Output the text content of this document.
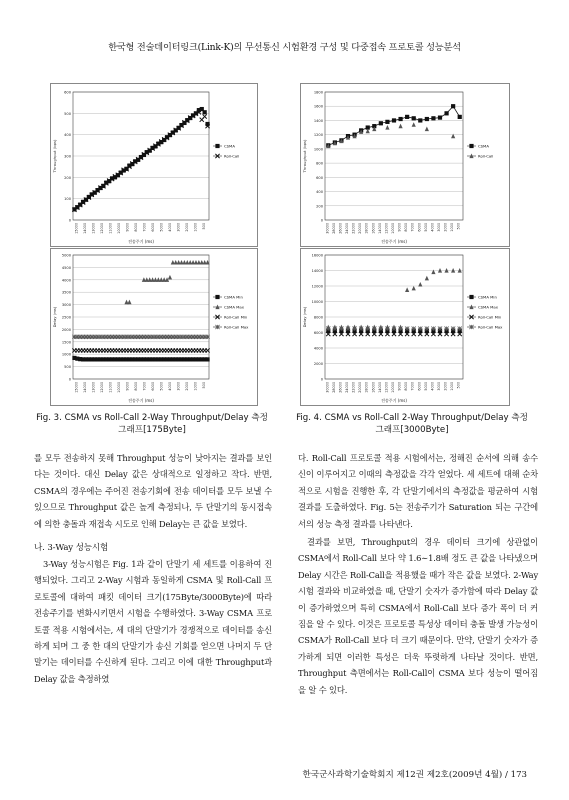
한국형 전술데이터링크(Link-K)의 무선통신 시험환경 구성 및 다중접속 프로토콜 성능분석
0
100
200
300
400
500
600
15000 14000 13000 12000 11000 10000 9000 8000 7000 6000 5000 4000 3000 2000 1000 500
Throughput (bps)
전송주기 (ms)
CSMA
Roll-Call
0
500
1000
1500
2000
2500
3000
3500
4000
4500
5000
15000 14000 13000 12000 11000 10000 9000 8000 7000 6000 5000 4000 3000 2000 1000 500
Delay (ms)
전송주기 (ms)
CSMA Min
CSMA Max
Roll-Call Min
Roll-Call Max
Fig. 3. CSMA vs Roll-Call 2-Way Throughput/Delay 측정 그래프[175Byte]
0
200
400
600
800
1000
1200
1400
1600
1800
30000 28000 26000 24000 22000 20000 18000 16000 14000 12000 10000 9000 8000 7000 6000 5000 4000 3000 2000 1000 500
Throughput (bps)
전송주기 (ms)
CSMA
Roll-Call
0
2000
4000
6000
8000
10000
12000
14000
16000
30000 28000 26000 24000 22000 20000 18000 16000 14000 12000 10000 9000 8000 7000 6000 5000 4000 3000 2000 1000 500
Delay (ms)
전송주기 (ms)
CSMA Min
CSMA Max
Roll-Call Min
Roll-Call Max
Fig. 4. CSMA vs Roll-Call 2-Way Throughput/Delay 측정 그래프[3000Byte]

를 모두 전송하지 못해 Throughput 성능이 낮아지는 결과를 보인다는 것이다. 대신 Delay 값은 상대적으로 일정하고 작다. 반면, CSMA의 경우에는 주어진 전송기회에 전송 데이터를 모두 보낼 수 있으므로 Throughput 값은 높게 측정되나, 두 단말기의 동시접속에 의한 충돌과 재접속 시도로 인해 Delay는 큰 값을 보였다.

나. 3-Way 성능시험

3-Way 성능시험은 Fig. 1과 같이 단말기 세 세트를 이용하여 진행되었다. 그리고 2-Way 시험과 동일하게 CSMA 및 Roll-Call 프로토콜에 대하여 패킷 데이터 크기(175Byte/3000Byte)에 따라 전송주기를 변화시키면서 시험을 수행하였다. 3-Way CSMA 프로토콜 적용 시험에서는, 세 대의 단말기가 경쟁적으로 데이터를 송신하게 되며 그 중 한 대의 단말기가 송신 기회를 얻으면 나머지 두 단말기는 데이터를 수신하게 된다. 그리고 이에 대한 Throughput과 Delay 값을 측정하였

다. Roll-Call 프로토콜 적용 시험에서는, 정해진 순서에 의해 송수신이 이루어지고 이때의 측정값을 각각 얻었다. 세 세트에 대해 순차적으로 시험을 진행한 후, 각 단말기에서의 측정값을 평균하여 시험결과를 도출하였다. Fig. 5는 전송주기가 Saturation 되는 구간에서의 성능 측정 결과를 나타낸다.

결과를 보면, Throughput의 경우 데이터 크기에 상관없이 CSMA에서 Roll-Call 보다 약 1.6∼1.8배 정도 큰 값을 나타냈으며 Delay 시간은 Roll-Call을 적용했을 때가 작은 값을 보였다. 2-Way 시험 결과와 비교하였을 때, 단말기 숫자가 증가함에 따라 Delay 값이 증가하였으며 특히 CSMA에서 Roll-Call 보다 증가 폭이 더 커짐을 알 수 있다. 이것은 프로토콜 특성상 데이터 충돌 발생 가능성이 CSMA가 Roll-Call 보다 더 크기 때문이다. 만약, 단말기 숫자가 증가하게 되면 이러한 특성은 더욱 뚜렷하게 나타날 것이다. 반면, Throughput 측면에서는 Roll-Call이 CSMA 보다 성능이 떨어짐을 알 수 있다.

한국군사과학기술학회지 제12권 제2호(2009년 4월) / 173
